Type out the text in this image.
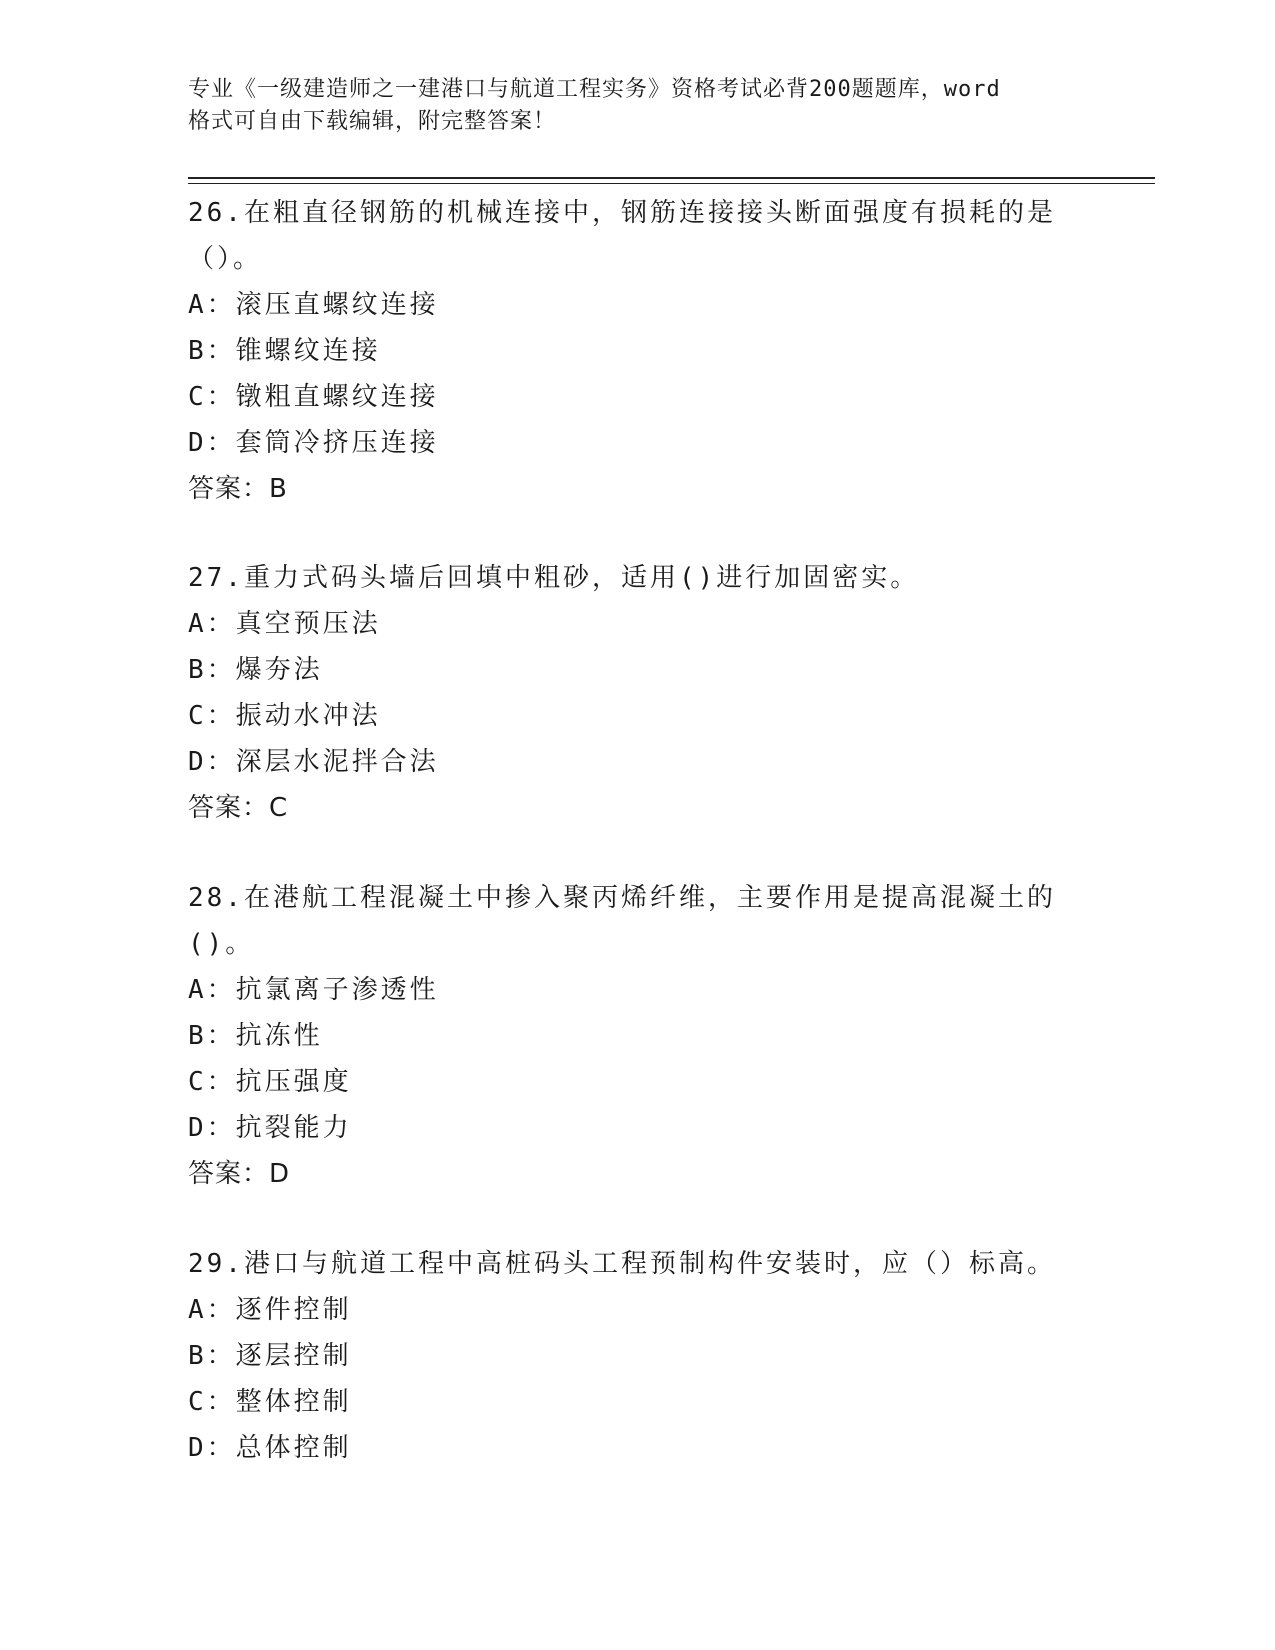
专业《一级建造师之一建港口与航道工程实务》资格考试必背200题题库，word
格式可自由下载编辑，附完整答案！

26.在粗直径钢筋的机械连接中，钢筋连接接头断面强度有损耗的是（）。

A：滚压直螺纹连接

B：锥螺纹连接

C：镦粗直螺纹连接

D：套筒冷挤压连接

答案：B

27.重力式码头墙后回填中粗砂，适用()进行加固密实。

A：真空预压法

B：爆夯法

C：振动水冲法

D：深层水泥拌合法

答案：C

28.在港航工程混凝土中掺入聚丙烯纤维，主要作用是提高混凝土的()。

A：抗氯离子渗透性

B：抗冻性

C：抗压强度

D：抗裂能力

答案：D

29.港口与航道工程中高桩码头工程预制构件安装时，应（）标高。

A：逐件控制

B：逐层控制

C：整体控制

D：总体控制
